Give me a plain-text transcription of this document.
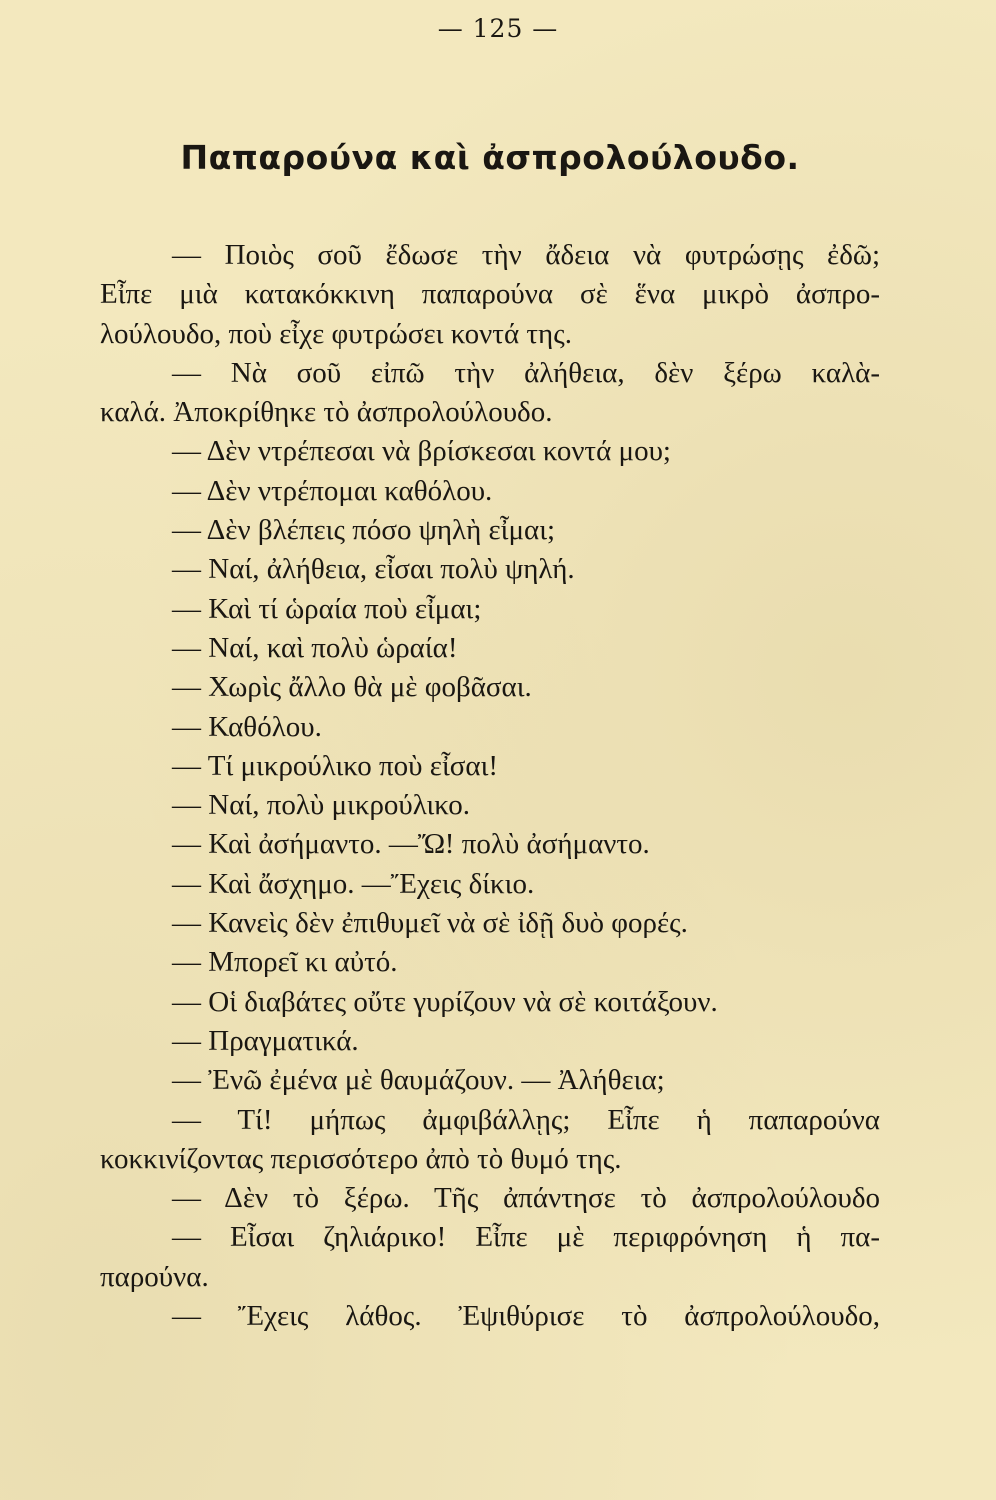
— 125 —
Παπαρούνα καὶ ἀσπρολούλουδο.
— Ποιὸς σοῦ ἔδωσε τὴν ἄδεια νὰ φυτρώσῃς ἐδῶ;
Εἶπε μιὰ κατακόκκινη παπαρούνα σὲ ἕνα μικρὸ ἀσπρο-
λούλουδο, ποὺ εἶχε φυτρώσει κοντά της.
— Νὰ σοῦ εἰπῶ τὴν ἀλήθεια, δὲν ξέρω καλὰ-
καλά. Ἀποκρίθηκε τὸ ἀσπρολούλουδο.
— Δὲν ντρέπεσαι νὰ βρίσκεσαι κοντά μου;
— Δὲν ντρέπομαι καθόλου.
— Δὲν βλέπεις πόσο ψηλὴ εἶμαι;
— Ναί, ἀλήθεια, εἶσαι πολὺ ψηλή.
— Καὶ τί ὡραία ποὺ εἶμαι;
— Ναί, καὶ πολὺ ὡραία!
— Χωρὶς ἄλλο θὰ μὲ φοβᾶσαι.
— Καθόλου.
— Τί μικρούλικο ποὺ εἶσαι!
— Ναί, πολὺ μικρούλικο.
— Καὶ ἀσήμαντο. —Ὤ! πολὺ ἀσήμαντο.
— Καὶ ἄσχημο. —Ἔχεις δίκιο.
— Κανεὶς δὲν ἐπιθυμεῖ νὰ σὲ ἰδῇ δυὸ φορές.
— Μπορεῖ κι αὐτό.
— Οἱ διαβάτες οὔτε γυρίζουν νὰ σὲ κοιτάξουν.
— Πραγματικά.
— Ἐνῶ ἐμένα μὲ θαυμάζουν. — Ἀλήθεια;
— Τί! μήπως ἀμφιβάλλῃς; Εἶπε ἡ παπαρούνα
κοκκινίζοντας περισσότερο ἀπὸ τὸ θυμό της.
— Δὲν τὸ ξέρω. Τῆς ἀπάντησε τὸ ἀσπρολούλουδο
— Εἶσαι ζηλιάρικο! Εἶπε μὲ περιφρόνηση ἡ πα-
παρούνα.
— Ἔχεις λάθος. Ἐψιθύρισε τὸ ἀσπρολούλουδο,
